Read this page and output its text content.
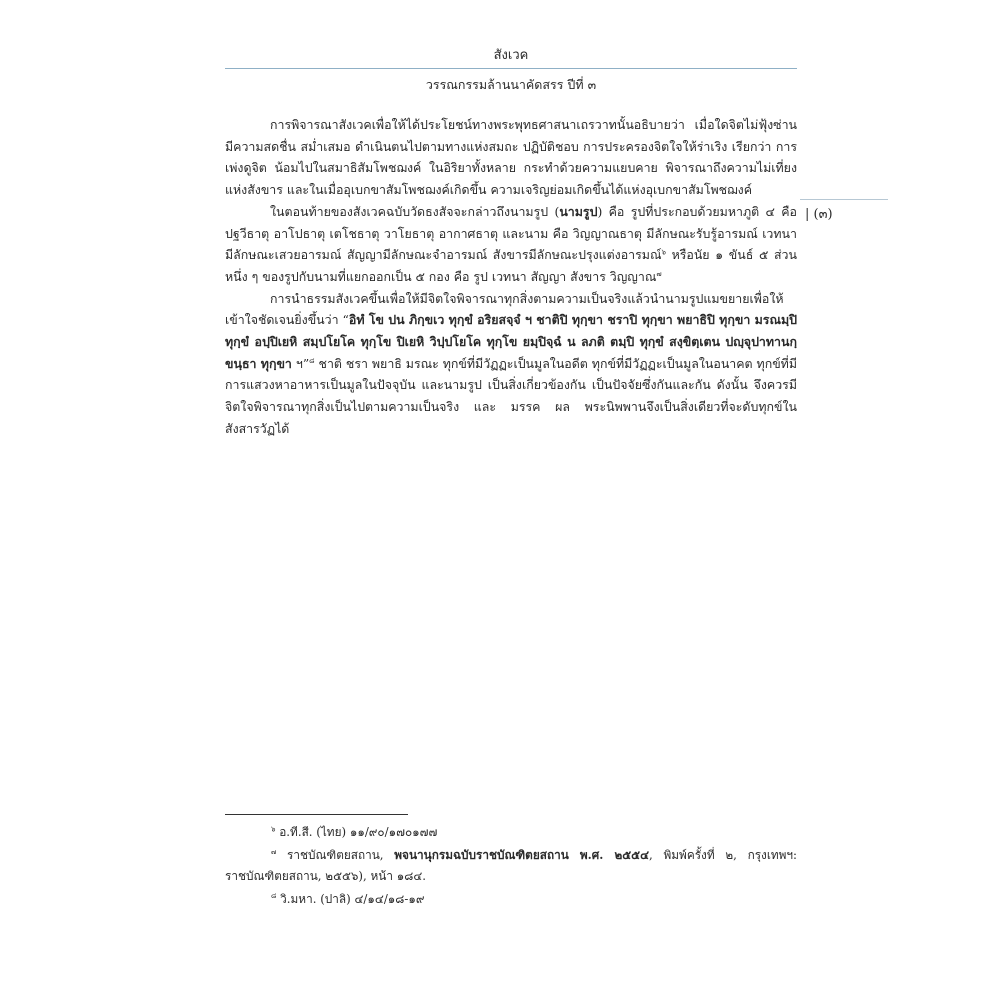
สังเวค
วรรณกรรมล้านนาคัดสรร ปีที่ ๓
| (๓)

การพิจารณาสังเวคเพื่อให้ได้ประโยชน์ทางพระพุทธศาสนาเถรวาทนั้นอธิบายว่า เมื่อใดจิตไม่ฟุ้งซ่าน มีความสดชื่น สม่ำเสมอ ดำเนินตนไปตามทางแห่งสมถะ ปฏิบัติชอบ การประครองจิตใจให้ร่าเริง เรียกว่า การเพ่งดูจิต น้อมไปในสมาธิสัมโพชฌงค์ ในอิริยาทั้งหลาย กระทำด้วยความแยบคาย พิจารณาถึงความไม่เที่ยงแห่งสังขาร และในเมื่ออุเบกขาสัมโพชฌงค์เกิดขึ้น ความเจริญย่อมเกิดขึ้นได้แห่งอุเบกขาสัมโพชฌงค์

ในตอนท้ายของสังเวคฉบับวัดธงสัจจะกล่าวถึงนามรูป (นามรูป) คือ รูปที่ประกอบด้วยมหาภูติ ๔ คือ ปฐวีธาตุ อาโปธาตุ เตโชธาตุ วาโยธาตุ อากาศธาตุ และนาม คือ วิญญาณธาตุ มีลักษณะรับรู้อารมณ์ เวทนามีลักษณะเสวยอารมณ์ สัญญามีลักษณะจำอารมณ์ สังขารมีลักษณะปรุงแต่งอารมณ์$^๖$ หรือนัย ๑ ขันธ์ ๕ ส่วนหนึ่ง ๆ ของรูปกับนามที่แยกออกเป็น ๕ กอง คือ รูป เวทนา สัญญา สังขาร วิญญาณ$^๗$

การนำธรรมสังเวคขึ้นเพื่อให้มีจิตใจพิจารณาทุกสิ่งตามความเป็นจริงแล้วนำนามรูปแมขยายเพื่อให้เข้าใจชัดเจนยิ่งขึ้นว่า “อิทํ โข ปน ภิกฺขเว ทุกฺขํ อริยสจฺจํ ฯ ชาติปิ ทุกฺขา ชราปิ ทุกฺขา พยาธิปิ ทุกฺขา มรณมฺปิ ทุกฺขํ อปฺปิเยหิ สมฺปโยโค ทุกฺโข ปิเยหิ วิปฺปโยโค ทุกฺโข ยมฺปิจฺฉํ น ลภติ ตมฺปิ ทุกฺขํ สงฺขิตฺเตน ปญฺจุปาทานกฺขนฺธา ทุกฺขา ฯ”$^๘$ ชาติ ชรา พยาธิ มรณะ ทุกข์ที่มีวัฏฏะเป็นมูลในอดีต ทุกข์ที่มีวัฏฏะเป็นมูลในอนาคต ทุกข์ที่มีการแสวงหาอาหารเป็นมูลในปัจจุบัน และนามรูป เป็นสิ่งเกี่ยวข้องกัน เป็นปัจจัยซึ่งกันและกัน ดังนั้น จึงควรมีจิตใจพิจารณาทุกสิ่งเป็นไปตามความเป็นจริง และ มรรค ผล พระนิพพานจึงเป็นสิ่งเดียวที่จะดับทุกข์ในสังสารวัฏได้

$^๖$ อ.ที.สี. (ไทย) ๑๑/๙๐/๑๗๐๑๗๗

$^๗$ ราชบัณฑิตยสถาน, พจนานุกรมฉบับราชบัณฑิตยสถาน พ.ศ. ๒๕๕๔, พิมพ์ครั้งที่ ๒, กรุงเทพฯ: ราชบัณฑิตยสถาน, ๒๕๕๖), หน้า ๑๘๔.

$^๘$ วิ.มหา. (ปาลิ) ๔/๑๔/๑๘-๑๙
